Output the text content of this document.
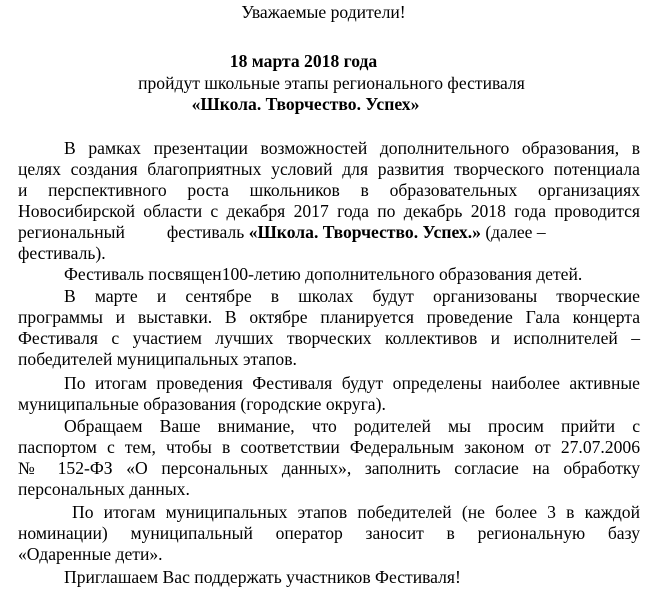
Уважаемые родители!
18 марта 2018 года
пройдут школьные этапы регионального фестиваля
«Школа. Творчество. Успех»
В рамках презентации возможностей дополнительного образования, в
целях создания благоприятных условий для развития творческого потенциала
и перспективного роста школьников в образовательных организациях
Новосибирской области с декабря 2017 года по декабрь 2018 года проводится
региональный фестиваль «Школа. Творчество. Успех.» (далее –
фестиваль).
Фестиваль посвящен100-летию дополнительного образования детей.
В марте и сентябре в школах будут организованы творческие
программы и выставки. В октябре планируется проведение Гала концерта
Фестиваля с участием лучших творческих коллективов и исполнителей –
победителей муниципальных этапов.
По итогам проведения Фестиваля будут определены наиболее активные
муниципальные образования (городские округа).
Обращаем Ваше внимание, что родителей мы просим прийти с
паспортом с тем, чтобы в соответствии Федеральным законом от 27.07.2006
№ 152-ФЗ «О персональных данных», заполнить согласие на обработку
персональных данных.
По итогам муниципальных этапов победителей (не более 3 в каждой
номинации) муниципальный оператор заносит в региональную базу
«Одаренные дети».
Приглашаем Вас поддержать участников Фестиваля!
